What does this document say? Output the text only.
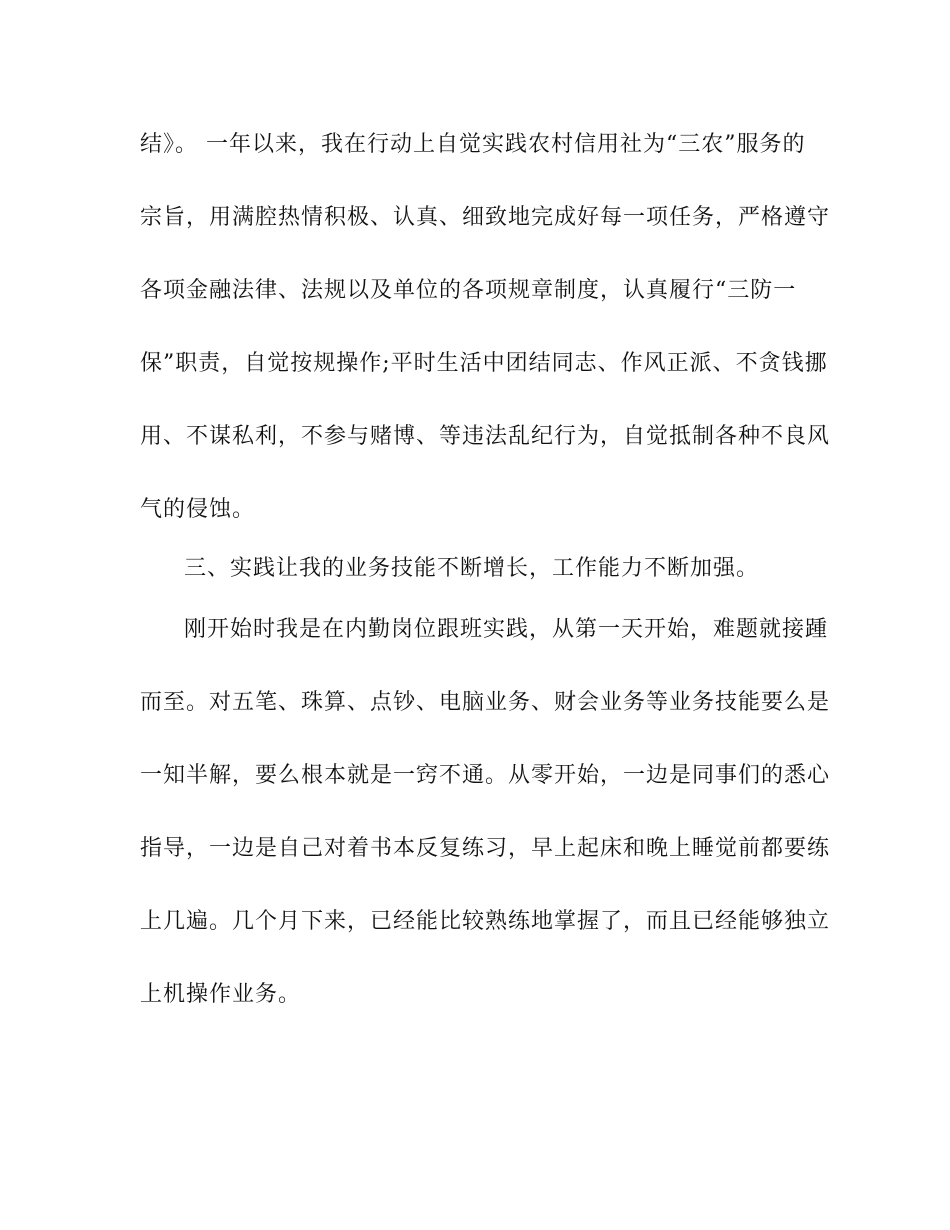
结》。 一年以来，我在行动上自觉实践农村信用社为“三农”服务的
宗旨，用满腔热情积极、认真、细致地完成好每一项任务，严格遵守
各项金融法律、法规以及单位的各项规章制度，认真履行“三防一
保”职责，自觉按规操作;平时生活中团结同志、作风正派、不贪钱挪
用、不谋私利，不参与赌博、等违法乱纪行为，自觉抵制各种不良风
气的侵蚀。
三、实践让我的业务技能不断增长，工作能力不断加强。
刚开始时我是在内勤岗位跟班实践，从第一天开始，难题就接踵
而至。对五笔、珠算、点钞、电脑业务、财会业务等业务技能要么是
一知半解，要么根本就是一窍不通。从零开始，一边是同事们的悉心
指导，一边是自己对着书本反复练习，早上起床和晚上睡觉前都要练
上几遍。几个月下来，已经能比较熟练地掌握了，而且已经能够独立
上机操作业务。
